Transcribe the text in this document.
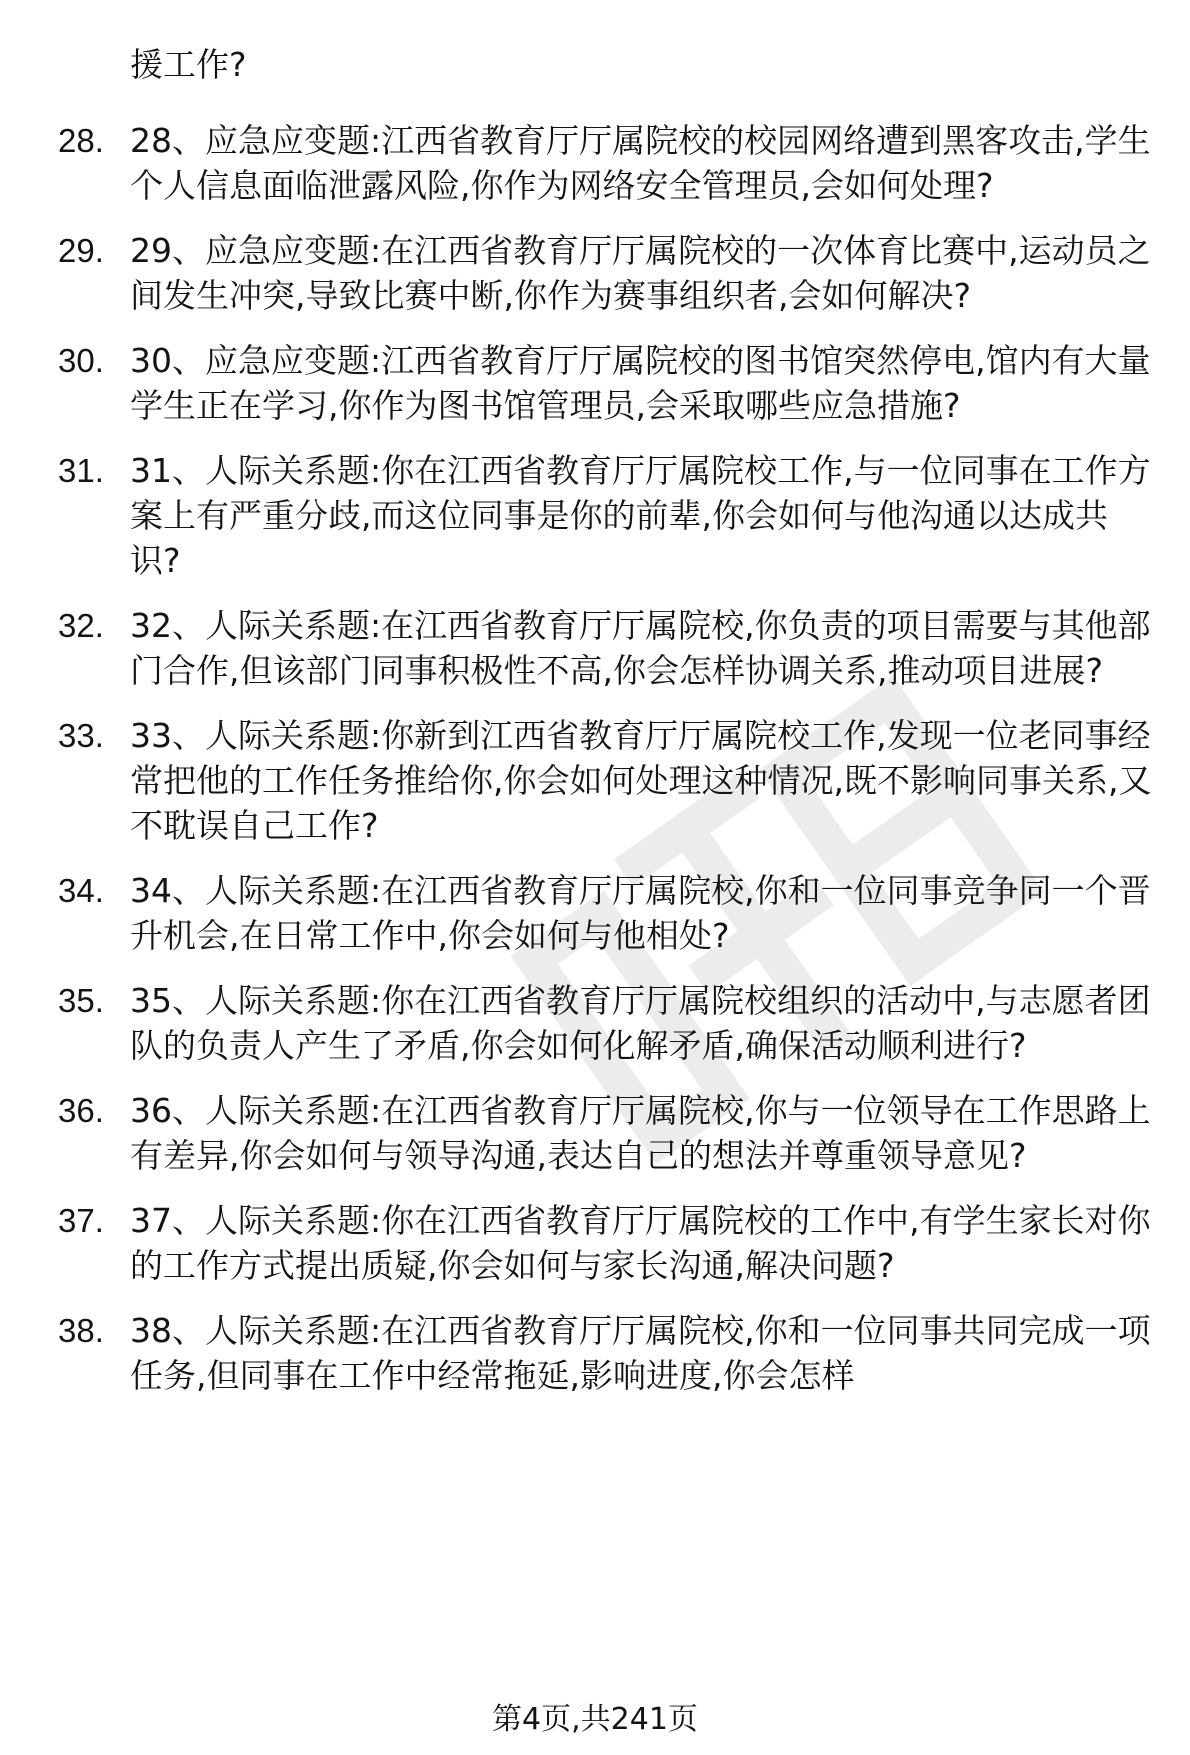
援工作?
28. 28、应急应变题:江西省教育厅厅属院校的校园网络遭到黑客攻击,学生个人信息面临泄露风险,你作为网络安全管理员,会如何处理?
29. 29、应急应变题:在江西省教育厅厅属院校的一次体育比赛中,运动员之间发生冲突,导致比赛中断,你作为赛事组织者,会如何解决?
30. 30、应急应变题:江西省教育厅厅属院校的图书馆突然停电,馆内有大量学生正在学习,你作为图书馆管理员,会采取哪些应急措施?
31. 31、人际关系题:你在江西省教育厅厅属院校工作,与一位同事在工作方案上有严重分歧,而这位同事是你的前辈,你会如何与他沟通以达成共识?
32. 32、人际关系题:在江西省教育厅厅属院校,你负责的项目需要与其他部门合作,但该部门同事积极性不高,你会怎样协调关系,推动项目进展?
33. 33、人际关系题:你新到江西省教育厅厅属院校工作,发现一位老同事经常把他的工作任务推给你,你会如何处理这种情况,既不影响同事关系,又不耽误自己工作?
34. 34、人际关系题:在江西省教育厅厅属院校,你和一位同事竞争同一个晋升机会,在日常工作中,你会如何与他相处?
35. 35、人际关系题:你在江西省教育厅厅属院校组织的活动中,与志愿者团队的负责人产生了矛盾,你会如何化解矛盾,确保活动顺利进行?
36. 36、人际关系题:在江西省教育厅厅属院校,你与一位领导在工作思路上有差异,你会如何与领导沟通,表达自己的想法并尊重领导意见?
37. 37、人际关系题:你在江西省教育厅厅属院校的工作中,有学生家长对你的工作方式提出质疑,你会如何与家长沟通,解决问题?
38. 38、人际关系题:在江西省教育厅厅属院校,你和一位同事共同完成一项任务,但同事在工作中经常拖延,影响进度,你会怎样
第4页,共241页
